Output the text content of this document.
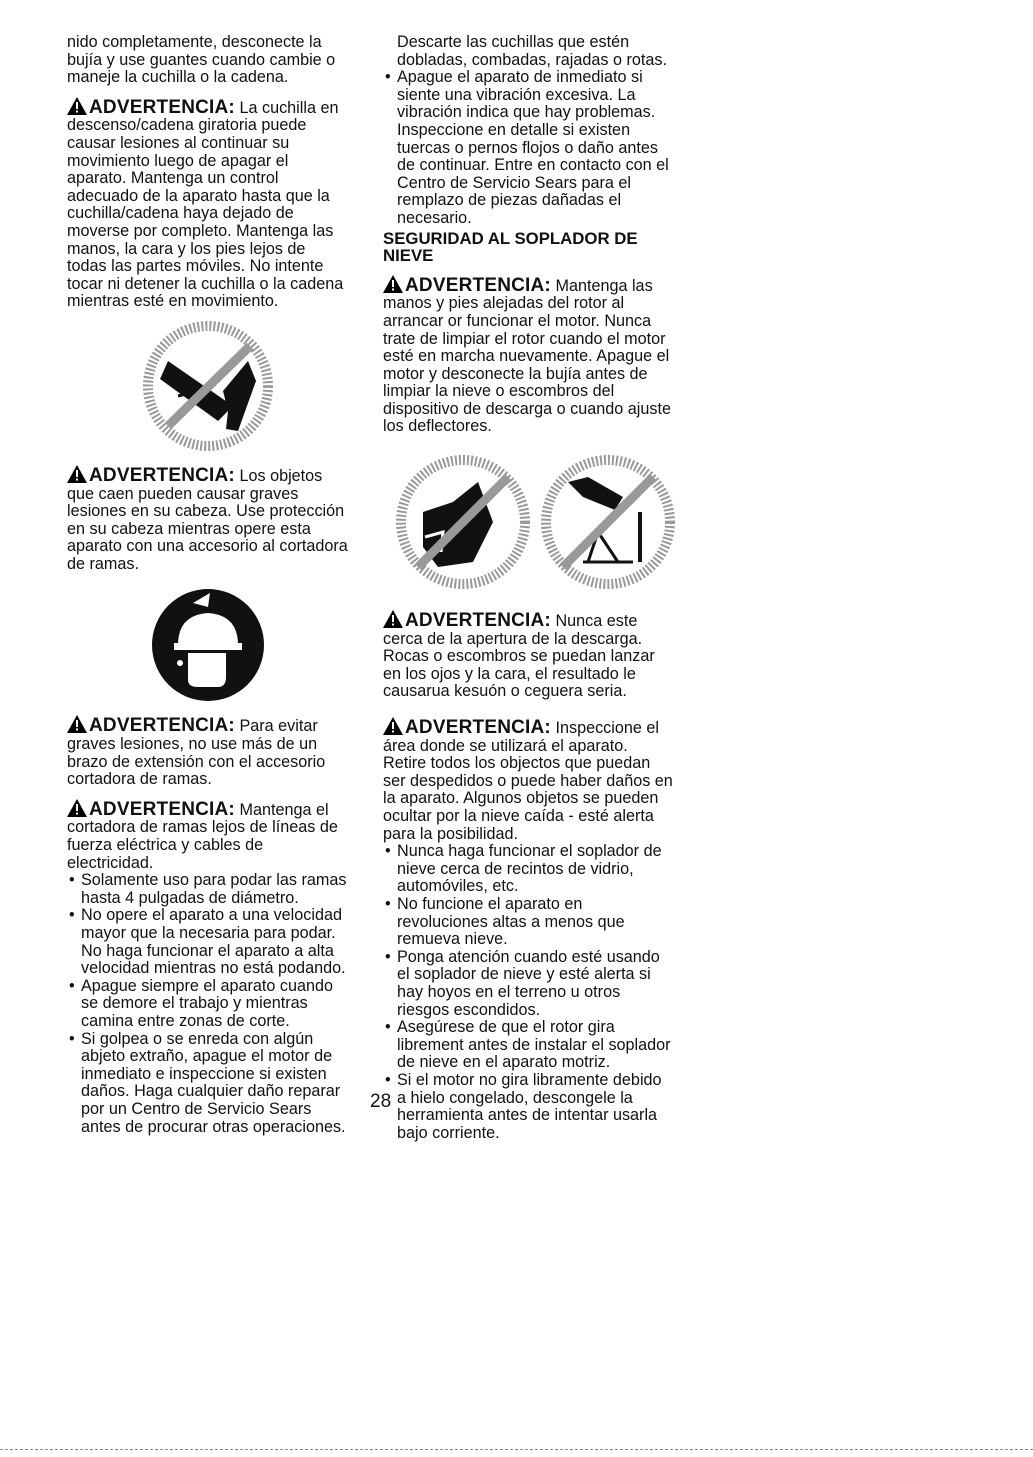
nido completamente, desconecte la bujía y use guantes cuando cambie o maneje la cuchilla o la cadena.

ADVERTENCIA: La cuchilla en descenso/cadena giratoria puede causar lesiones al continuar su movimiento luego de apagar el aparato. Mantenga un control adecuado de la aparato hasta que la cuchilla/cadena haya dejado de moverse por completo. Mantenga las manos, la cara y los pies lejos de todas las partes móviles. No intente tocar ni detener la cuchilla o la cadena mientras esté en movimiento.

ADVERTENCIA: Los objetos que caen pueden causar graves lesiones en su cabeza. Use protección en su cabeza mientras opere esta aparato con una accesorio al cortadora de ramas.

ADVERTENCIA: Para evitar graves lesiones, no use más de un brazo de extensión con el accesorio cortadora de ramas.

ADVERTENCIA: Mantenga el cortadora de ramas lejos de líneas de fuerza eléctrica y cables de electricidad.

• Solamente uso para podar las ramas hasta 4 pulgadas de diámetro.
• No opere el aparato a una velocidad mayor que la necesaria para podar. No haga funcionar el aparato a alta velocidad mientras no está podando.
• Apague siempre el aparato cuando se demore el trabajo y mientras camina entre zonas de corte.
• Si golpea o se enreda con algún abjeto extraño, apague el motor de inmediato e inspeccione si existen daños. Haga cualquier daño reparar por un Centro de Servicio Sears antes de procurar otras operaciones.

Descarte las cuchillas que estén dobladas, combadas, rajadas o rotas.

• Apague el aparato de inmediato si siente una vibración excesiva. La vibración indica que hay problemas. Inspeccione en detalle si existen tuercas o pernos flojos o daño antes de continuar. Entre en contacto con el Centro de Servicio Sears para el remplazo de piezas dañadas el necesario.

SEGURIDAD AL SOPLADOR DE NIEVE

ADVERTENCIA: Mantenga las manos y pies alejadas del rotor al arrancar or funcionar el motor. Nunca trate de limpiar el rotor cuando el motor esté en marcha nuevamente. Apague el motor y desconecte la bujía antes de limpiar la nieve o escombros del dispositivo de descarga o cuando ajuste los deflectores.

ADVERTENCIA: Nunca este cerca de la apertura de la descarga. Rocas o escombros se puedan lanzar en los ojos y la cara, el resultado le causarua kesuón o ceguera seria.

ADVERTENCIA: Inspeccione el área donde se utilizará el aparato. Retire todos los objectos que puedan ser despedidos o puede haber daños en la aparato. Algunos objetos se pueden ocultar por la nieve caída - esté alerta para la posibilidad.

• Nunca haga funcionar el soplador de nieve cerca de recintos de vidrio, automóviles, etc.
• No funcione el aparato en revoluciones altas a menos que remueva nieve.
• Ponga atención cuando esté usando el soplador de nieve y esté alerta si hay hoyos en el terreno u otros riesgos escondidos.
• Asegúrese de que el rotor gira librement antes de instalar el soplador de nieve en el aparato motriz.
• Si el motor no gira libramente debido a hielo congelado, descongele la herramienta antes de intentar usarla bajo corriente.
28
